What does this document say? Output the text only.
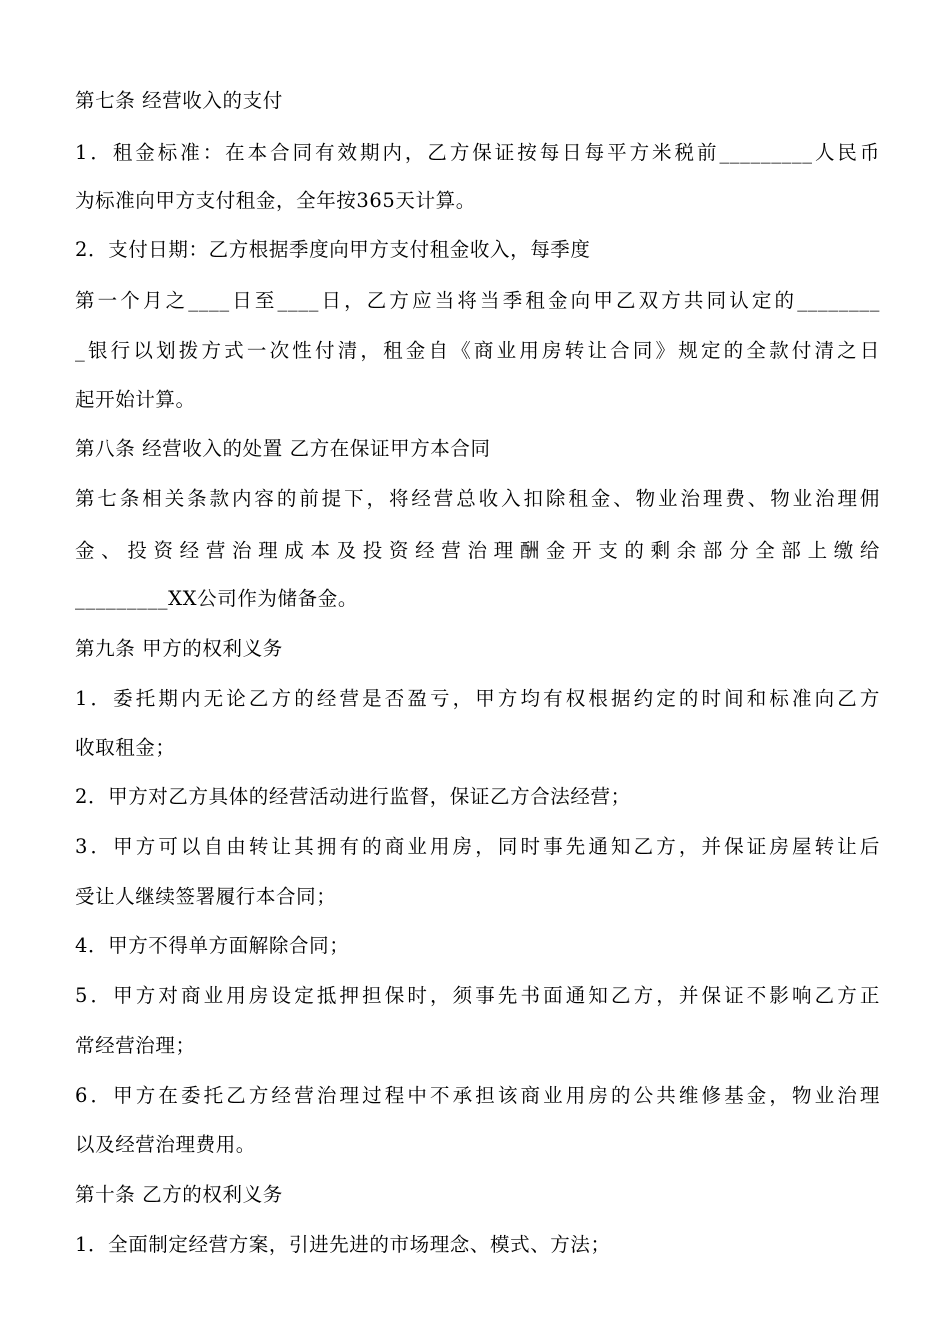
第七条 经营收入的支付
1．租金标准：在本合同有效期内，乙方保证按每日每平方米税前_________人民币
为标准向甲方支付租金，全年按365天计算。
2．支付日期：乙方根据季度向甲方支付租金收入，每季度
第一个月之____日至____日，乙方应当将当季租金向甲乙双方共同认定的________
_银行以划拨方式一次性付清，租金自《商业用房转让合同》规定的全款付清之日
起开始计算。
第八条 经营收入的处置 乙方在保证甲方本合同
第七条相关条款内容的前提下，将经营总收入扣除租金、物业治理费、物业治理佣
金、投资经营治理成本及投资经营治理酬金开支的剩余部分全部上缴给
_________XX公司作为储备金。
第九条 甲方的权利义务
1．委托期内无论乙方的经营是否盈亏，甲方均有权根据约定的时间和标准向乙方
收取租金；
2．甲方对乙方具体的经营活动进行监督，保证乙方合法经营；
3．甲方可以自由转让其拥有的商业用房，同时事先通知乙方，并保证房屋转让后
受让人继续签署履行本合同；
4．甲方不得单方面解除合同；
5．甲方对商业用房设定抵押担保时，须事先书面通知乙方，并保证不影响乙方正
常经营治理；
6．甲方在委托乙方经营治理过程中不承担该商业用房的公共维修基金，物业治理
以及经营治理费用。
第十条 乙方的权利义务
1．全面制定经营方案，引进先进的市场理念、模式、方法；
